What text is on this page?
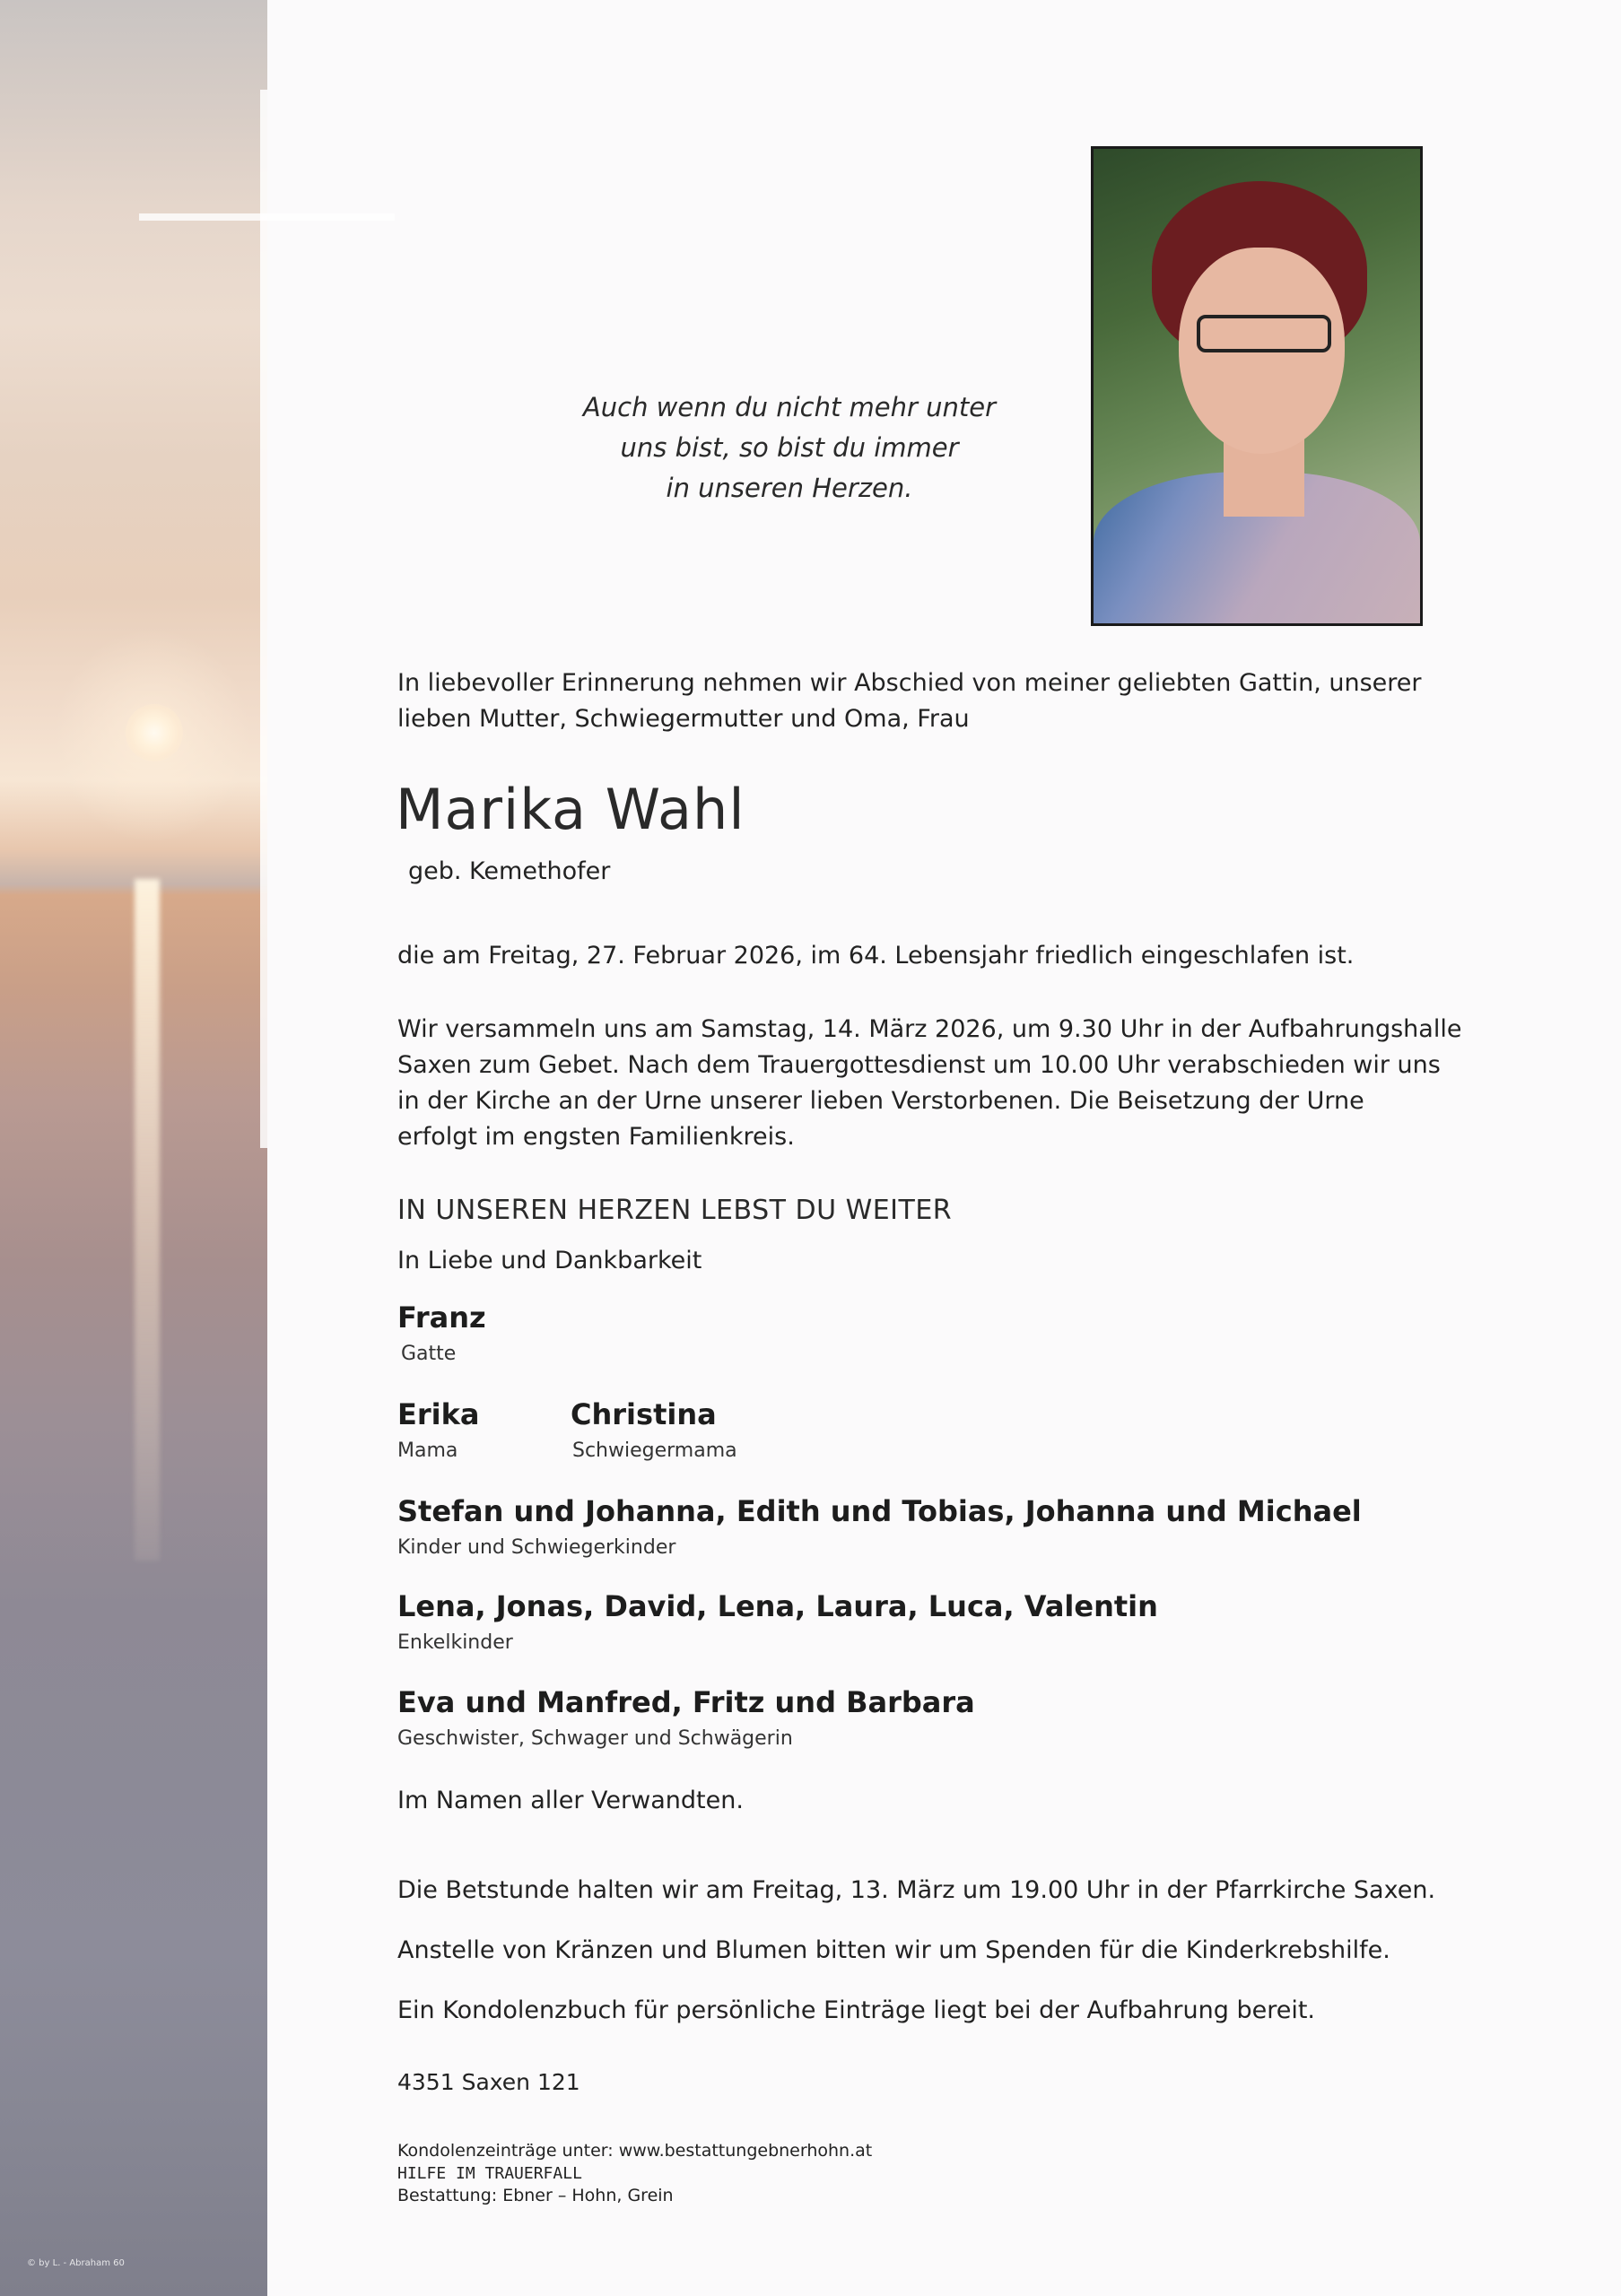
© by L. - Abraham 60
Auch wenn du nicht mehr unter
uns bist, so bist du immer
in unseren Herzen.
In liebevoller Erinnerung nehmen wir Abschied von meiner geliebten Gattin, unserer
lieben Mutter, Schwiegermutter und Oma, Frau
Marika Wahl
geb. Kemethofer
die am Freitag, 27. Februar 2026, im 64. Lebensjahr friedlich eingeschlafen ist.
Wir versammeln uns am Samstag, 14. März 2026, um 9.30 Uhr in der Aufbahrungshalle
Saxen zum Gebet. Nach dem Trauergottesdienst um 10.00 Uhr verabschieden wir uns
in der Kirche an der Urne unserer lieben Verstorbenen. Die Beisetzung der Urne
erfolgt im engsten Familienkreis.
IN UNSEREN HERZEN LEBST DU WEITER
In Liebe und Dankbarkeit
Franz
Gatte
Erika
Mama
Christina
Schwiegermama
Stefan und Johanna, Edith und Tobias, Johanna und Michael
Kinder und Schwiegerkinder
Lena, Jonas, David, Lena, Laura, Luca, Valentin
Enkelkinder
Eva und Manfred, Fritz und Barbara
Geschwister, Schwager und Schwägerin
Im Namen aller Verwandten.
Die Betstunde halten wir am Freitag, 13. März um 19.00 Uhr in der Pfarrkirche Saxen.
Anstelle von Kränzen und Blumen bitten wir um Spenden für die Kinderkrebshilfe.
Ein Kondolenzbuch für persönliche Einträge liegt bei der Aufbahrung bereit.
4351 Saxen 121
Kondolenzeinträge unter: www.bestattungebnerhohn.at
HILFE IM TRAUERFALL
Bestattung: Ebner – Hohn, Grein
